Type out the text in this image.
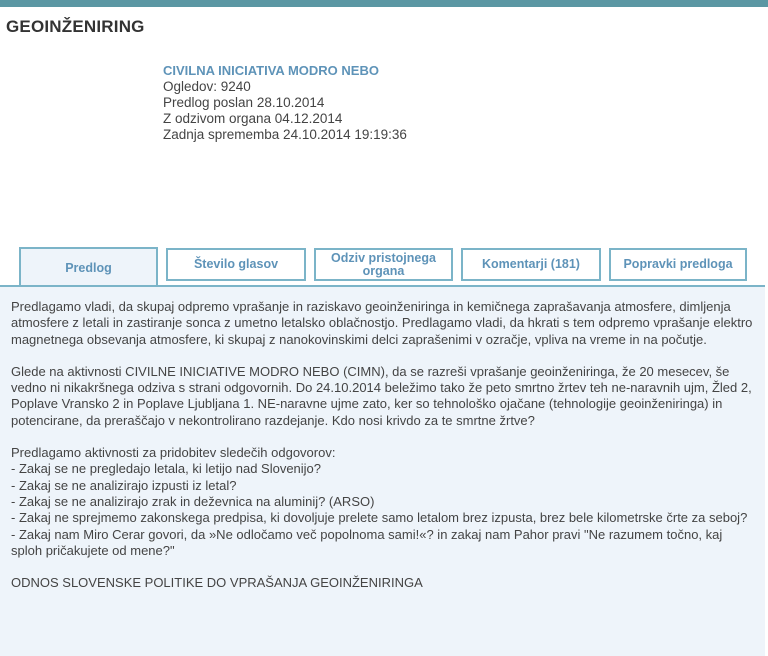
GEOINŽENIRING
CIVILNA INICIATIVA MODRO NEBO
Ogledov: 9240
Predlog poslan 28.10.2014
Z odzivom organa 04.12.2014
Zadnja sprememba 24.10.2014 19:19:36
Predlog	Število glasov	Odziv pristojnega organa	Komentarji (181)	Popravki predloga

Predlagamo vladi, da skupaj odpremo vprašanje in raziskavo geoinženiringa in kemičnega zaprašavanja atmosfere, dimljenja atmosfere z letali in zastiranje sonca z umetno letalsko oblačnostjo. Predlagamo vladi, da hkrati s tem odpremo vprašanje elektro magnetnega obsevanja atmosfere, ki skupaj z nanokovinskimi delci zaprašenimi v ozračje, vpliva na vreme in na počutje.

Glede na aktivnosti CIVILNE INICIATIVE MODRO NEBO (CIMN), da se razreši vprašanje geoinženiringa, že 20 mesecev, še vedno ni nikakršnega odziva s strani odgovornih. Do 24.10.2014 beležimo tako že peto smrtno žrtev teh ne-naravnih ujm, Žled 2, Poplave Vransko 2 in Poplave Ljubljana 1. NE-naravne ujme zato, ker so tehnološko ojačane (tehnologije geoinženiringa) in potencirane, da preraščajo v nekontrolirano razdejanje. Kdo nosi krivdo za te smrtne žrtve?

Predlagamo aktivnosti za pridobitev sledečih odgovorov:
- Zakaj se ne pregledajo letala, ki letijo nad Slovenijo?
- Zakaj se ne analizirajo izpusti iz letal?
- Zakaj se ne analizirajo zrak in deževnica na aluminij? (ARSO)
- Zakaj ne sprejmemo zakonskega predpisa, ki dovoljuje prelete samo letalom brez izpusta, brez bele kilometrske črte za seboj?
- Zakaj nam Miro Cerar govori, da »Ne odločamo več popolnoma sami!«? in zakaj nam Pahor pravi "Ne razumem točno, kaj sploh pričakujete od mene?"
ODNOS SLOVENSKE POLITIKE DO VPRAŠANJA GEOINŽENIRINGA
